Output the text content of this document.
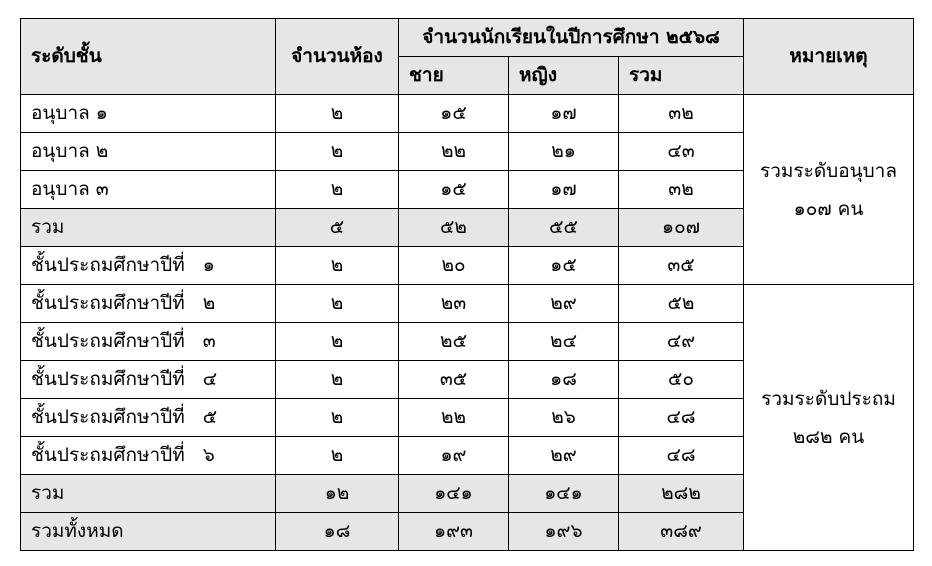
ระดับชั้น	จำนวนห้อง	จำนวนนักเรียนในปีการศึกษา ๒๕๖๘			หมายเหตุ
		ชาย	หญิง	รวม	
อนุบาล ๑	๒	๑๕	๑๗	๓๒	รวมระดับอนุบาล
๑๐๗ คน
อนุบาล ๒	๒	๒๒	๒๑	๔๓	
อนุบาล ๓	๒	๑๕	๑๗	๓๒	
รวม	๕	๕๒	๕๕	๑๐๗	
ชั้นประถมศึกษาปีที่ ๑	๒	๒๐	๑๕	๓๕	
ชั้นประถมศึกษาปีที่ ๒	๒	๒๓	๒๙	๕๒	รวมระดับประถม
๒๘๒ คน
ชั้นประถมศึกษาปีที่ ๓	๒	๒๕	๒๔	๔๙	
ชั้นประถมศึกษาปีที่ ๔	๒	๓๕	๑๘	๕๐	
ชั้นประถมศึกษาปีที่ ๕	๒	๒๒	๒๖	๔๘	
ชั้นประถมศึกษาปีที่ ๖	๒	๑๙	๒๙	๔๘	
รวม	๑๒	๑๔๑	๑๔๑	๒๘๒	
รวมทั้งหมด	๑๘	๑๙๓	๑๙๖	๓๘๙	
